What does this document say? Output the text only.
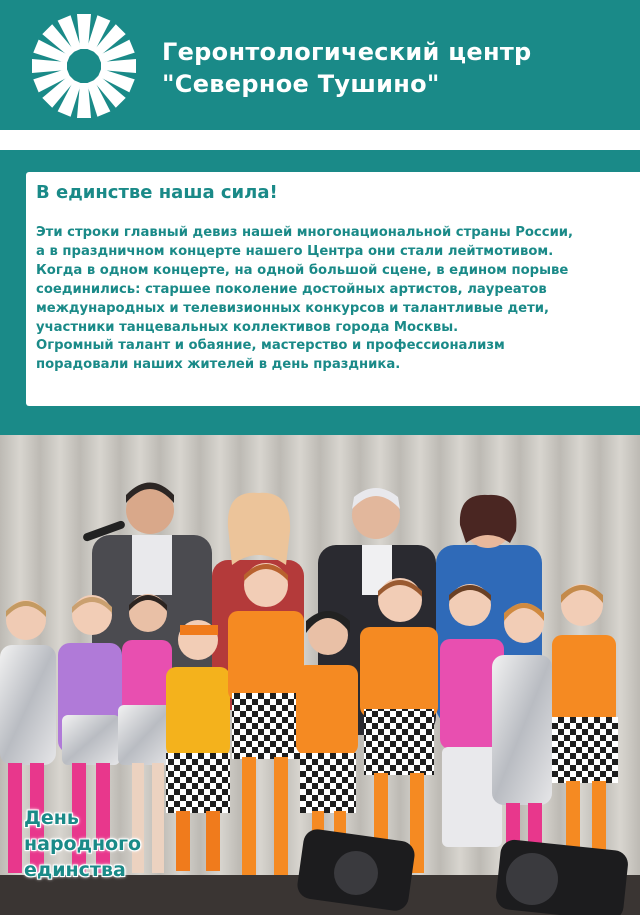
Геронтологический центр
"Северное Тушино"
В единстве наша сила!
Эти строки главный девиз нашей многонациональной страны России,
а в праздничном концерте нашего Центра они стали лейтмотивом.
Когда в одном концерте, на одной большой сцене, в едином порыве
соединились: старшее поколение достойных артистов, лауреатов
международных и телевизионных конкурсов и талантливые дети,
участники танцевальных коллективов города Москвы.
Огромный талант и обаяние, мастерство и профессионализм
порадовали наших жителей в день праздника.
День
народного
единства
